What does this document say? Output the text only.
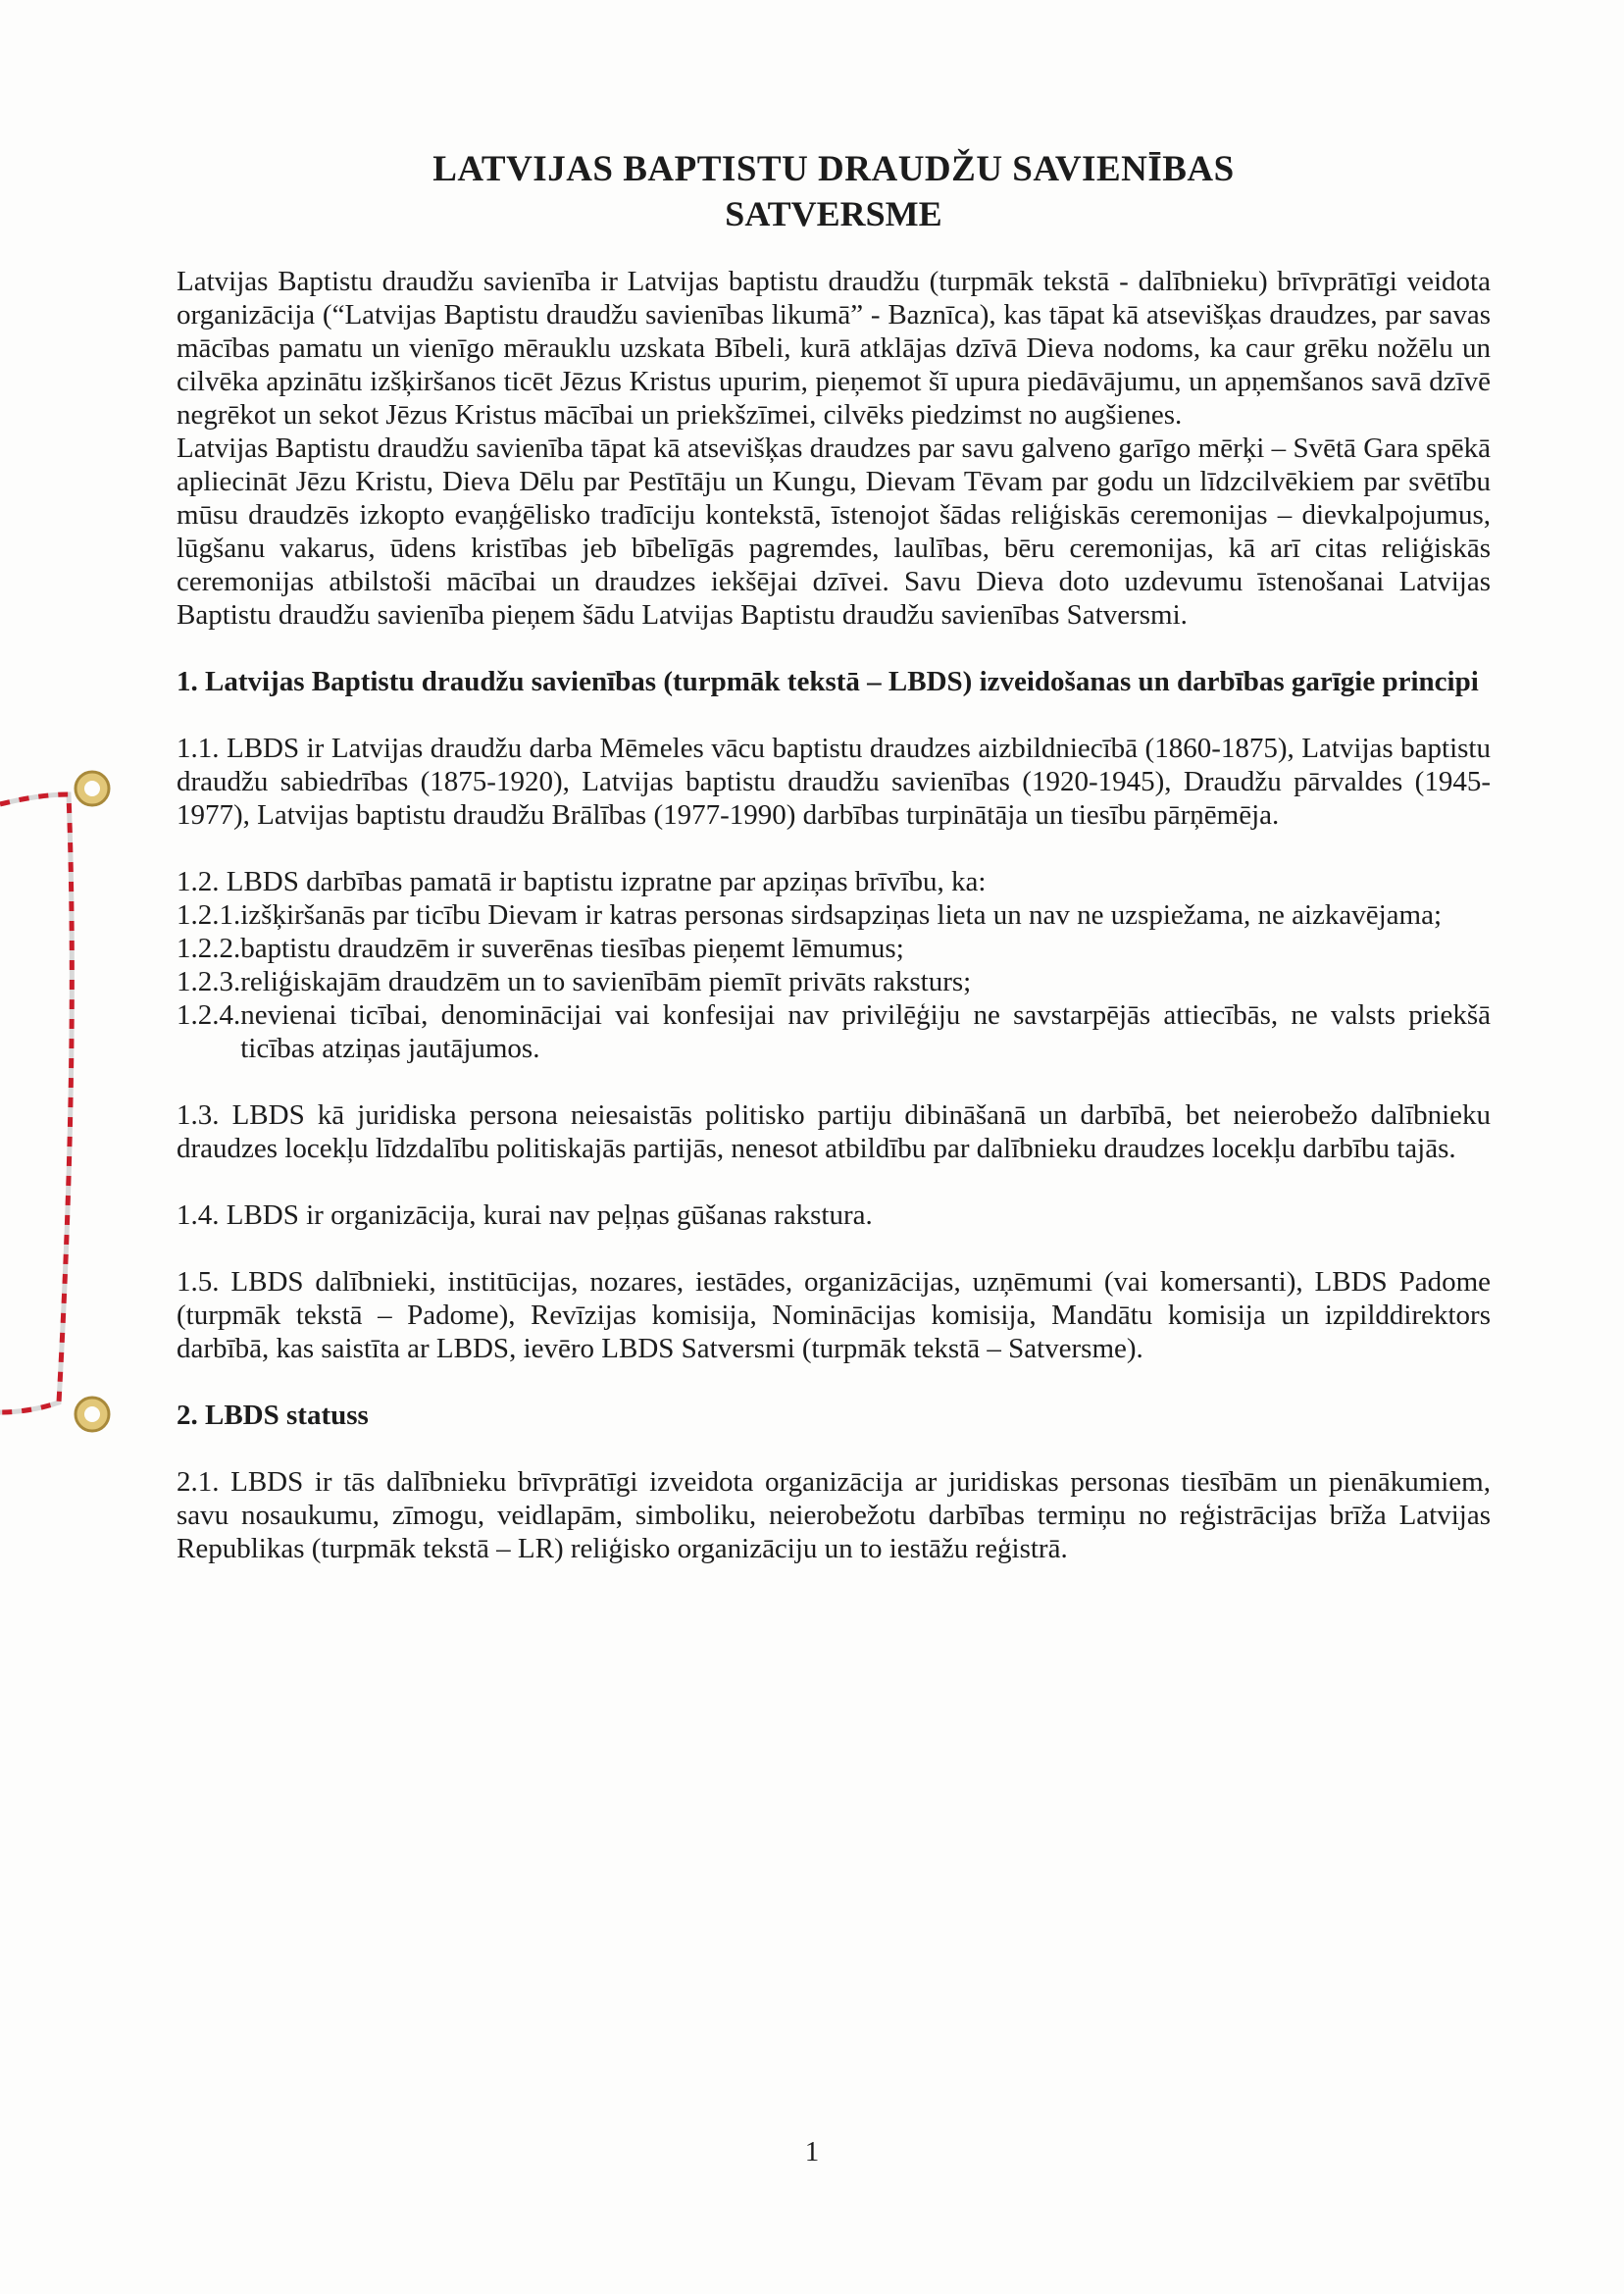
LATVIJAS BAPTISTU DRAUDŽU SAVIENĪBAS
SATVERSME

Latvijas Baptistu draudžu savienība ir Latvijas baptistu draudžu (turpmāk tekstā - dalībnieku) brīvprātīgi veidota organizācija (“Latvijas Baptistu draudžu savienības likumā” - Baznīca), kas tāpat kā atsevišķas draudzes, par savas mācības pamatu un vienīgo mērauklu uzskata Bībeli, kurā atklājas dzīvā Dieva nodoms, ka caur grēku nožēlu un cilvēka apzinātu izšķiršanos ticēt Jēzus Kristus upurim, pieņemot šī upura piedāvājumu, un apņemšanos savā dzīvē negrēkot un sekot Jēzus Kristus mācībai un priekšzīmei, cilvēks piedzimst no augšienes.

Latvijas Baptistu draudžu savienība tāpat kā atsevišķas draudzes par savu galveno garīgo mērķi – Svētā Gara spēkā apliecināt Jēzu Kristu, Dieva Dēlu par Pestītāju un Kungu, Dievam Tēvam par godu un līdzcilvēkiem par svētību mūsu draudzēs izkopto evaņģēlisko tradīciju kontekstā, īstenojot šādas reliģiskās ceremonijas – dievkalpojumus, lūgšanu vakarus, ūdens kristības jeb bībelīgās pagremdes, laulības, bēru ceremonijas, kā arī citas reliģiskās ceremonijas atbilstoši mācībai un draudzes iekšējai dzīvei. Savu Dieva doto uzdevumu īstenošanai Latvijas Baptistu draudžu savienība pieņem šādu Latvijas Baptistu draudžu savienības Satversmi.

1. Latvijas Baptistu draudžu savienības (turpmāk tekstā – LBDS) izveidošanas un darbības garīgie principi

1.1. LBDS ir Latvijas draudžu darba Mēmeles vācu baptistu draudzes aizbildniecībā (1860-1875), Latvijas baptistu draudžu sabiedrības (1875-1920), Latvijas baptistu draudžu savienības (1920-1945), Draudžu pārvaldes (1945-1977), Latvijas baptistu draudžu Brālības (1977-1990) darbības turpinātāja un tiesību pārņēmēja.

1.2. LBDS darbības pamatā ir baptistu izpratne par apziņas brīvību, ka:

1.2.1. izšķiršanās par ticību Dievam ir katras personas sirdsapziņas lieta un nav ne uzspiežama, ne aizkavējama;
1.2.2. baptistu draudzēm ir suverēnas tiesības pieņemt lēmumus;
1.2.3. reliģiskajām draudzēm un to savienībām piemīt privāts raksturs;
1.2.4. nevienai ticībai, denominācijai vai konfesijai nav privilēģiju ne savstarpējās attiecībās, ne valsts priekšā ticības atziņas jautājumos.

1.3. LBDS kā juridiska persona neiesaistās politisko partiju dibināšanā un darbībā, bet neierobežo dalībnieku draudzes locekļu līdzdalību politiskajās partijās, nenesot atbildību par dalībnieku draudzes locekļu darbību tajās.

1.4. LBDS ir organizācija, kurai nav peļņas gūšanas rakstura.

1.5. LBDS dalībnieki, institūcijas, nozares, iestādes, organizācijas, uzņēmumi (vai komersanti), LBDS Padome (turpmāk tekstā – Padome), Revīzijas komisija, Nominācijas komisija, Mandātu komisija un izpilddirektors darbībā, kas saistīta ar LBDS, ievēro LBDS Satversmi (turpmāk tekstā – Satversme).

2. LBDS statuss

2.1. LBDS ir tās dalībnieku brīvprātīgi izveidota organizācija ar juridiskas personas tiesībām un pienākumiem, savu nosaukumu, zīmogu, veidlapām, simboliku, neierobežotu darbības termiņu no reģistrācijas brīža Latvijas Republikas (turpmāk tekstā – LR) reliģisko organizāciju un to iestāžu reģistrā.

1
